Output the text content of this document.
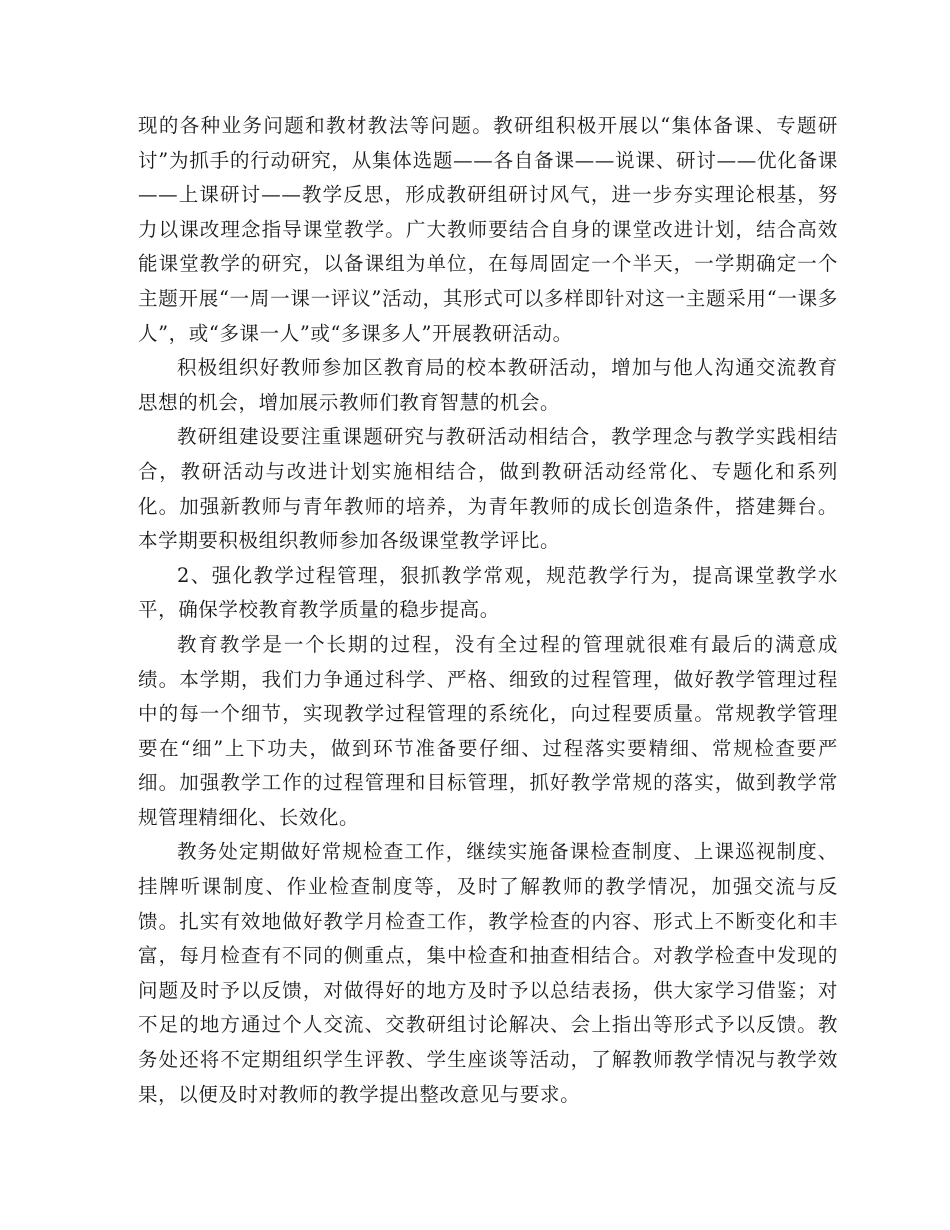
现的各种业务问题和教材教法等问题。教研组积极开展以“集体备课、专题研讨”为抓手的行动研究，从集体选题——各自备课——说课、研讨——优化备课——上课研讨——教学反思，形成教研组研讨风气，进一步夯实理论根基，努力以课改理念指导课堂教学。广大教师要结合自身的课堂改进计划，结合高效能课堂教学的研究，以备课组为单位，在每周固定一个半天，一学期确定一个主题开展“一周一课一评议”活动，其形式可以多样即针对这一主题采用“一课多人”，或“多课一人”或“多课多人”开展教研活动。

积极组织好教师参加区教育局的校本教研活动，增加与他人沟通交流教育思想的机会，增加展示教师们教育智慧的机会。

教研组建设要注重课题研究与教研活动相结合，教学理念与教学实践相结合，教研活动与改进计划实施相结合，做到教研活动经常化、专题化和系列化。加强新教师与青年教师的培养，为青年教师的成长创造条件，搭建舞台。本学期要积极组织教师参加各级课堂教学评比。

2、强化教学过程管理，狠抓教学常观，规范教学行为，提高课堂教学水平，确保学校教育教学质量的稳步提高。

教育教学是一个长期的过程，没有全过程的管理就很难有最后的满意成绩。本学期，我们力争通过科学、严格、细致的过程管理，做好教学管理过程中的每一个细节，实现教学过程管理的系统化，向过程要质量。常规教学管理要在“细”上下功夫，做到环节准备要仔细、过程落实要精细、常规检查要严细。加强教学工作的过程管理和目标管理，抓好教学常规的落实，做到教学常规管理精细化、长效化。

教务处定期做好常规检查工作，继续实施备课检查制度、上课巡视制度、挂牌听课制度、作业检查制度等，及时了解教师的教学情况，加强交流与反馈。扎实有效地做好教学月检查工作，教学检查的内容、形式上不断变化和丰富，每月检查有不同的侧重点，集中检查和抽查相结合。对教学检查中发现的问题及时予以反馈，对做得好的地方及时予以总结表扬，供大家学习借鉴；对不足的地方通过个人交流、交教研组讨论解决、会上指出等形式予以反馈。教务处还将不定期组织学生评教、学生座谈等活动，了解教师教学情况与教学效果，以便及时对教师的教学提出整改意见与要求。
